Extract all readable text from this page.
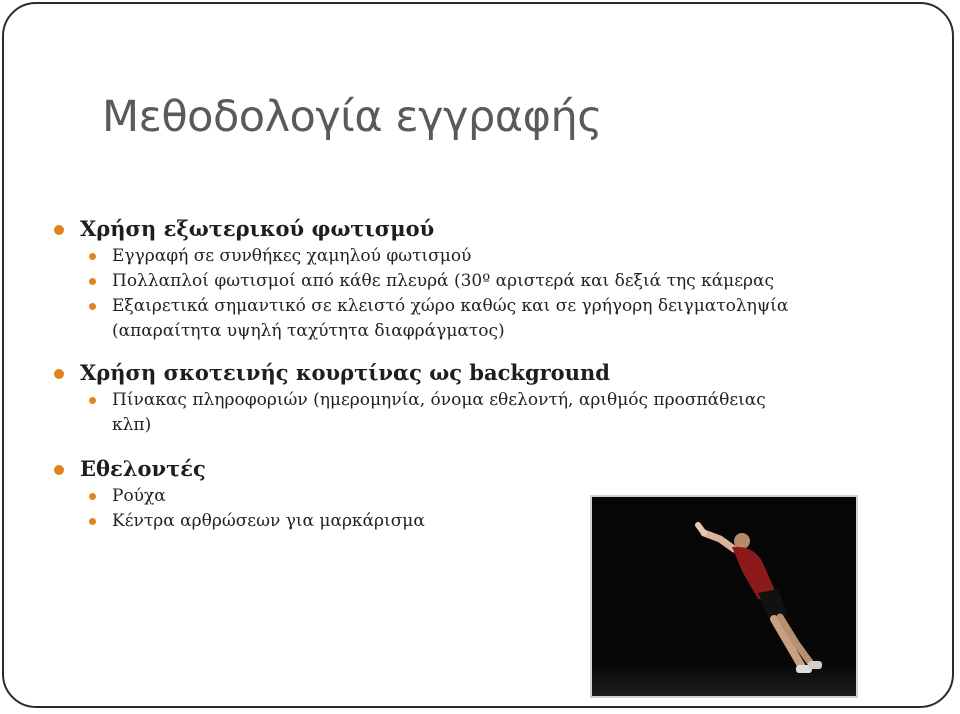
Μεθοδολογία εγγραφής
Χρήση εξωτερικού φωτισμού
Εγγραφή σε συνθήκες χαμηλού φωτισμού
Πολλαπλοί φωτισμοί από κάθε πλευρά (30º αριστερά και δεξιά της κάμερας
Εξαιρετικά σημαντικό σε κλειστό χώρο καθώς και σε γρήγορη δειγματοληψία (απαραίτητα υψηλή ταχύτητα διαφράγματος)
Χρήση σκοτεινής κουρτίνας ως background
Πίνακας πληροφοριών (ημερομηνία, όνομα εθελοντή, αριθμός προσπάθειας κλπ)
Εθελοντές
Ρούχα
Κέντρα αρθρώσεων για μαρκάρισμα
